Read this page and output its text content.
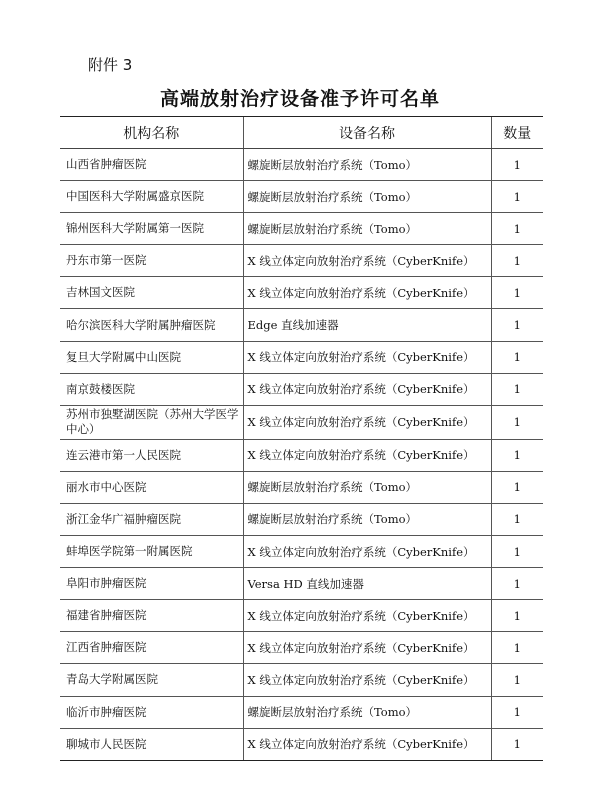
附件 3
高端放射治疗设备准予许可名单
机构名称	设备名称	数量
山西省肿瘤医院	螺旋断层放射治疗系统（Tomo）	1
中国医科大学附属盛京医院	螺旋断层放射治疗系统（Tomo）	1
锦州医科大学附属第一医院	螺旋断层放射治疗系统（Tomo）	1
丹东市第一医院	X 线立体定向放射治疗系统（CyberKnife）	1
吉林国文医院	X 线立体定向放射治疗系统（CyberKnife）	1
哈尔滨医科大学附属肿瘤医院	Edge 直线加速器	1
复旦大学附属中山医院	X 线立体定向放射治疗系统（CyberKnife）	1
南京鼓楼医院	X 线立体定向放射治疗系统（CyberKnife）	1
苏州市独墅湖医院（苏州大学医学中心）	X 线立体定向放射治疗系统（CyberKnife）	1
连云港市第一人民医院	X 线立体定向放射治疗系统（CyberKnife）	1
丽水市中心医院	螺旋断层放射治疗系统（Tomo）	1
浙江金华广福肿瘤医院	螺旋断层放射治疗系统（Tomo）	1
蚌埠医学院第一附属医院	X 线立体定向放射治疗系统（CyberKnife）	1
阜阳市肿瘤医院	Versa HD 直线加速器	1
福建省肿瘤医院	X 线立体定向放射治疗系统（CyberKnife）	1
江西省肿瘤医院	X 线立体定向放射治疗系统（CyberKnife）	1
青岛大学附属医院	X 线立体定向放射治疗系统（CyberKnife）	1
临沂市肿瘤医院	螺旋断层放射治疗系统（Tomo）	1
聊城市人民医院	X 线立体定向放射治疗系统（CyberKnife）	1
